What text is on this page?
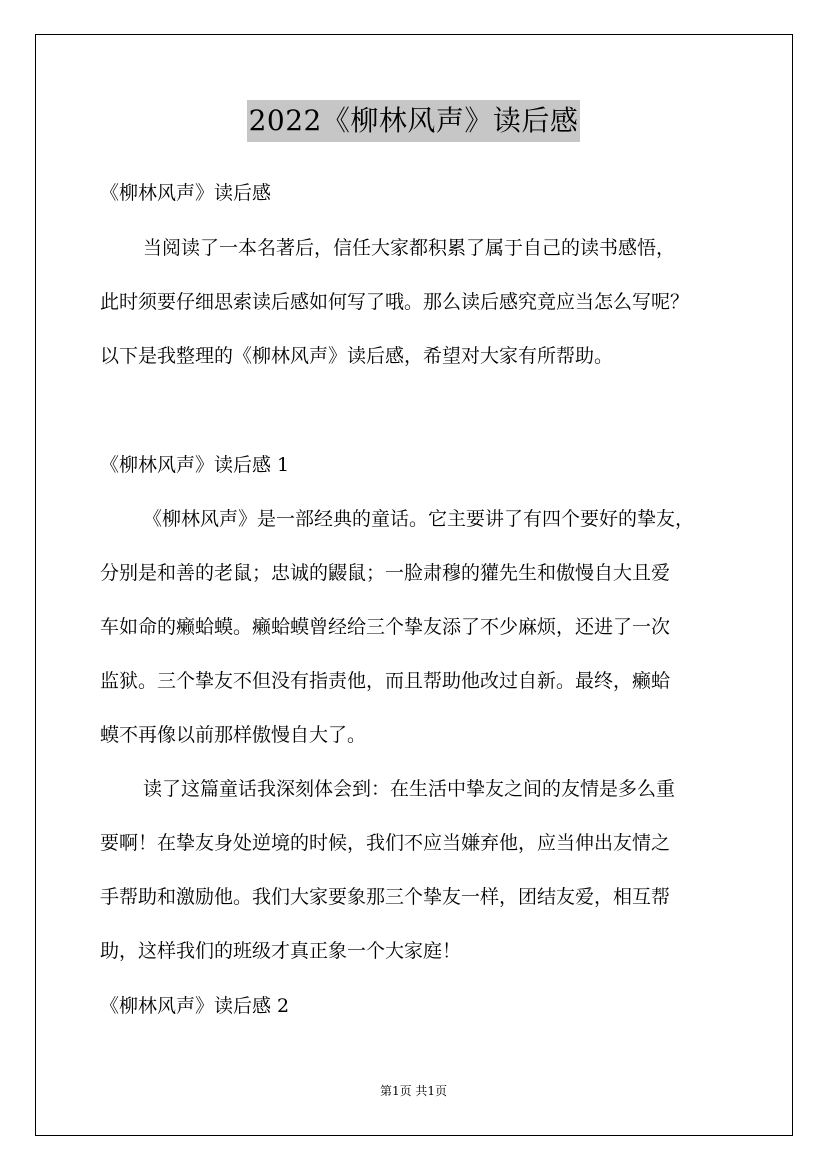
2022《柳林风声》读后感
《柳林风声》读后感
当阅读了一本名著后，信任大家都积累了属于自己的读书感悟，
此时须要仔细思索读后感如何写了哦。那么读后感究竟应当怎么写呢？
以下是我整理的《柳林风声》读后感，希望对大家有所帮助。
《柳林风声》读后感 1
《柳林风声》是一部经典的童话。它主要讲了有四个要好的挚友，
分别是和善的老鼠；忠诚的鼹鼠；一脸肃穆的獾先生和傲慢自大且爱
车如命的癞蛤蟆。癞蛤蟆曾经给三个挚友添了不少麻烦，还进了一次
监狱。三个挚友不但没有指责他，而且帮助他改过自新。最终，癞蛤
蟆不再像以前那样傲慢自大了。
读了这篇童话我深刻体会到：在生活中挚友之间的友情是多么重
要啊！在挚友身处逆境的时候，我们不应当嫌弃他，应当伸出友情之
手帮助和激励他。我们大家要象那三个挚友一样，团结友爱，相互帮
助，这样我们的班级才真正象一个大家庭！
《柳林风声》读后感 2
第1页 共1页
